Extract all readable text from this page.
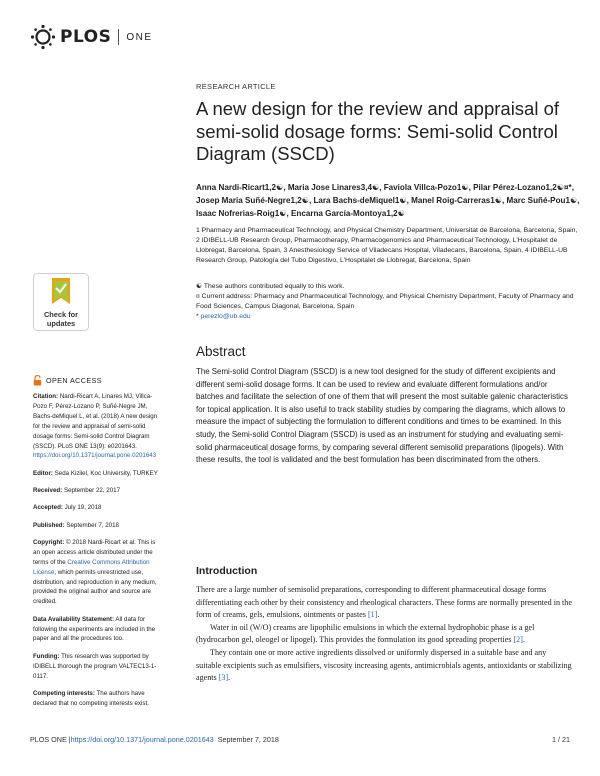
PLOS ONE
RESEARCH ARTICLE
A new design for the review and appraisal of semi-solid dosage forms: Semi-solid Control Diagram (SSCD)

Anna Nardi-Ricart1,2☯, Maria Jose Linares3,4☯, Faviola Villca-Pozo1☯, Pilar Pérez-Lozano1,2☯¤*, Josep Maria Suñé-Negre1,2☯, Lara Bachs-deMiquel1☯, Manel Roig-Carreras1☯, Marc Suñé-Pou1☯, Isaac Nofrerias-Roig1☯, Encarna García-Montoya1,2☯

1 Pharmacy and Pharmaceutical Technology, and Physical Chemistry Department, Universitat de Barcelona, Barcelona, Spain, 2 IDIBELL-UB Research Group, Pharmacotherapy, Pharmacogenomics and Pharmaceutical Technology, L'Hospitalet de Llobregat, Barcelona, Spain, 3 Anesthesiology Service of Viladecans Hospital, Viladecans, Barcelona, Spain, 4 IDIBELL-UB Research Group, Patología del Tubo Digestivo, L'Hospitalet de Llobregat, Barcelona, Spain

☯ These authors contributed equally to this work.
¤ Current address: Pharmacy and Pharmaceutical Technology, and Physical Chemistry Department, Faculty of Pharmacy and Food Sciences, Campus Diagonal, Barcelona, Spain
* perezlo@ub.edu
Abstract

The Semi-solid Control Diagram (SSCD) is a new tool designed for the study of different excipients and different semi-solid dosage forms. It can be used to review and evaluate different formulations and/or batches and facilitate the selection of one of them that will present the most suitable galenic characteristics for topical application. It is also useful to track stability studies by comparing the diagrams, which allows to measure the impact of subjecting the formulation to different conditions and times to be examined. In this study, the Semi-solid Control Diagram (SSCD) is used as an instrument for studying and evaluating semi-solid pharmaceutical dosage forms, by comparing several different semisolid preparations (lipogels). With these results, the tool is validated and the best formulation has been discriminated from the others.

Introduction

There are a large number of semisolid preparations, corresponding to different pharmaceutical dosage forms differentiating each other by their consistency and rheological characters. These forms are normally presented in the form of creams, gels, emulsions, ointments or pastes [1].

Water in oil (W/O) creams are lipophilic emulsions in which the external hydrophobic phase is a gel (hydrocarbon gel, oleogel or lipogel). This provides the formulation its good spreading properties [2].

They contain one or more active ingredients dissolved or uniformly dispersed in a suitable base and any suitable excipients such as emulsifiers, viscosity increasing agents, antimicrobials agents, antioxidants or stabilizing agents [3].

Check for
updates
OPEN ACCESS
Citation: Nardi-Ricart A, Linares MJ, Villca-Pozo F, Pérez-Lozano P, Suñé-Negre JM, Bachs-deMiquel L, et al. (2018) A new design for the review and appraisal of semi-solid dosage forms: Semi-solid Control Diagram (SSCD). PLoS ONE 13(9): e0201643. https://doi.org/10.1371/journal.pone.0201643
Editor: Seda Kizilel, Koc University, TURKEY
Received: September 22, 2017
Accepted: July 19, 2018
Published: September 7, 2018
Copyright: © 2018 Nardi-Ricart et al. This is an open access article distributed under the terms of the Creative Commons Attribution License, which permits unrestricted use, distribution, and reproduction in any medium, provided the original author and source are credited.
Data Availability Statement: All data for following the experiments are included in the paper and all the procedures too.
Funding: This research was supported by IDIBELL thorough the program VALTEC13-1-0117.
Competing interests: The authors have declared that no competing interests exist.
PLOS ONE | https://doi.org/10.1371/journal.pone.0201643 September 7, 2018	1 / 21
